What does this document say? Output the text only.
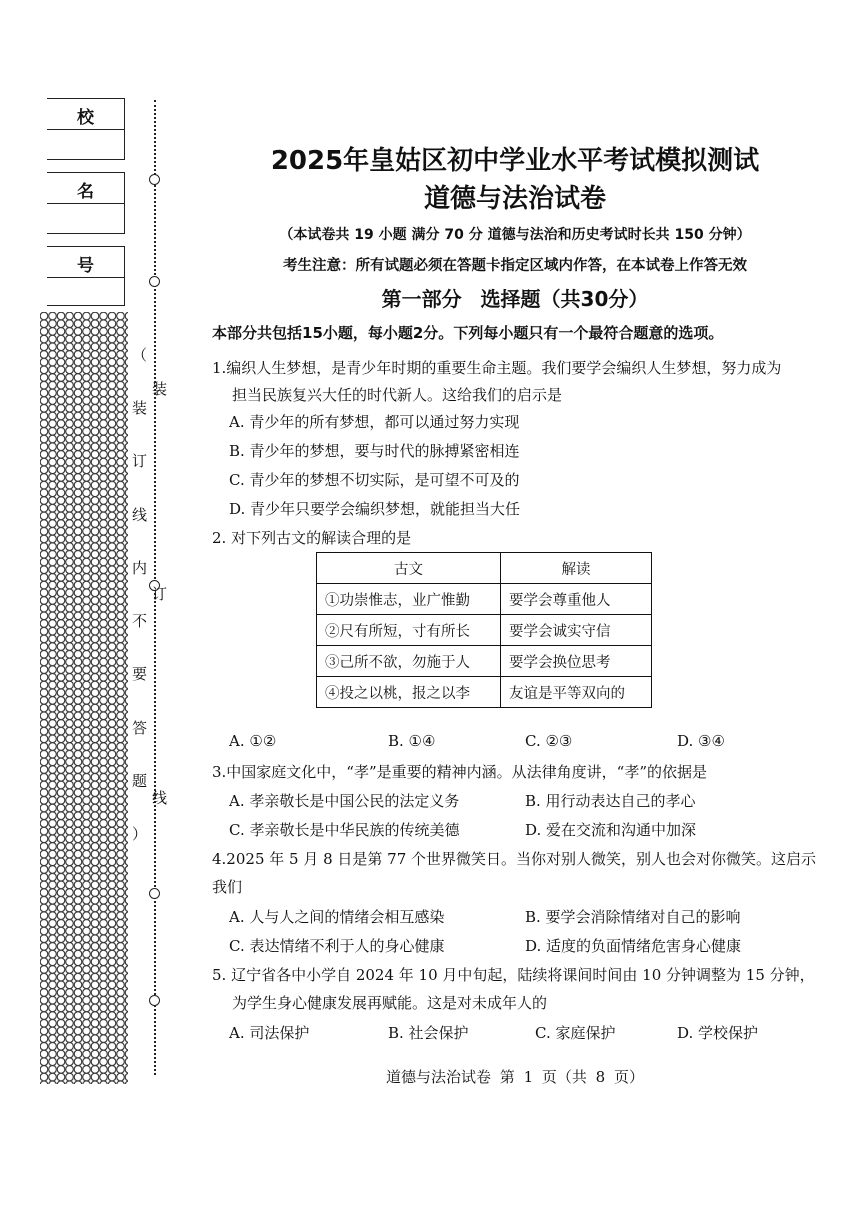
校
名
号
（
装
订
线
内
不
要
答
题
）
装
订
线
2025年皇姑区初中学业水平考试模拟测试
道德与法治试卷
（本试卷共 19 小题 满分 70 分 道德与法治和历史考试时长共 150 分钟）
考生注意：所有试题必须在答题卡指定区域内作答，在本试卷上作答无效
第一部分 选择题（共30分）
本部分共包括15小题，每小题2分。下列每小题只有一个最符合题意的选项。
1.编织人生梦想，是青少年时期的重要生命主题。我们要学会编织人生梦想，努力成为
担当民族复兴大任的时代新人。这给我们的启示是
A. 青少年的所有梦想，都可以通过努力实现
B. 青少年的梦想，要与时代的脉搏紧密相连
C. 青少年的梦想不切实际，是可望不可及的
D. 青少年只要学会编织梦想，就能担当大任
2. 对下列古文的解读合理的是
古文	解读
①功崇惟志，业广惟勤	要学会尊重他人
②尺有所短，寸有所长	要学会诚实守信
③己所不欲，勿施于人	要学会换位思考
④投之以桃，报之以李	友谊是平等双向的
A. ①②	B. ①④	C. ②③	D. ③④
3.中国家庭文化中，“孝”是重要的精神内涵。从法律角度讲，“孝”的依据是
A. 孝亲敬长是中国公民的法定义务	B. 用行动表达自己的孝心
C. 孝亲敬长是中华民族的传统美德	D. 爱在交流和沟通中加深
4.2025 年 5 月 8 日是第 77 个世界微笑日。当你对别人微笑，别人也会对你微笑。这启示
我们
A. 人与人之间的情绪会相互感染	B. 要学会消除情绪对自己的影响
C. 表达情绪不利于人的身心健康	D. 适度的负面情绪危害身心健康
5. 辽宁省各中小学自 2024 年 10 月中旬起，陆续将课间时间由 10 分钟调整为 15 分钟，
为学生身心健康发展再赋能。这是对未成年人的
A. 司法保护	B. 社会保护	C. 家庭保护	D. 学校保护
道德与法治试卷 第 1 页（共 8 页）
